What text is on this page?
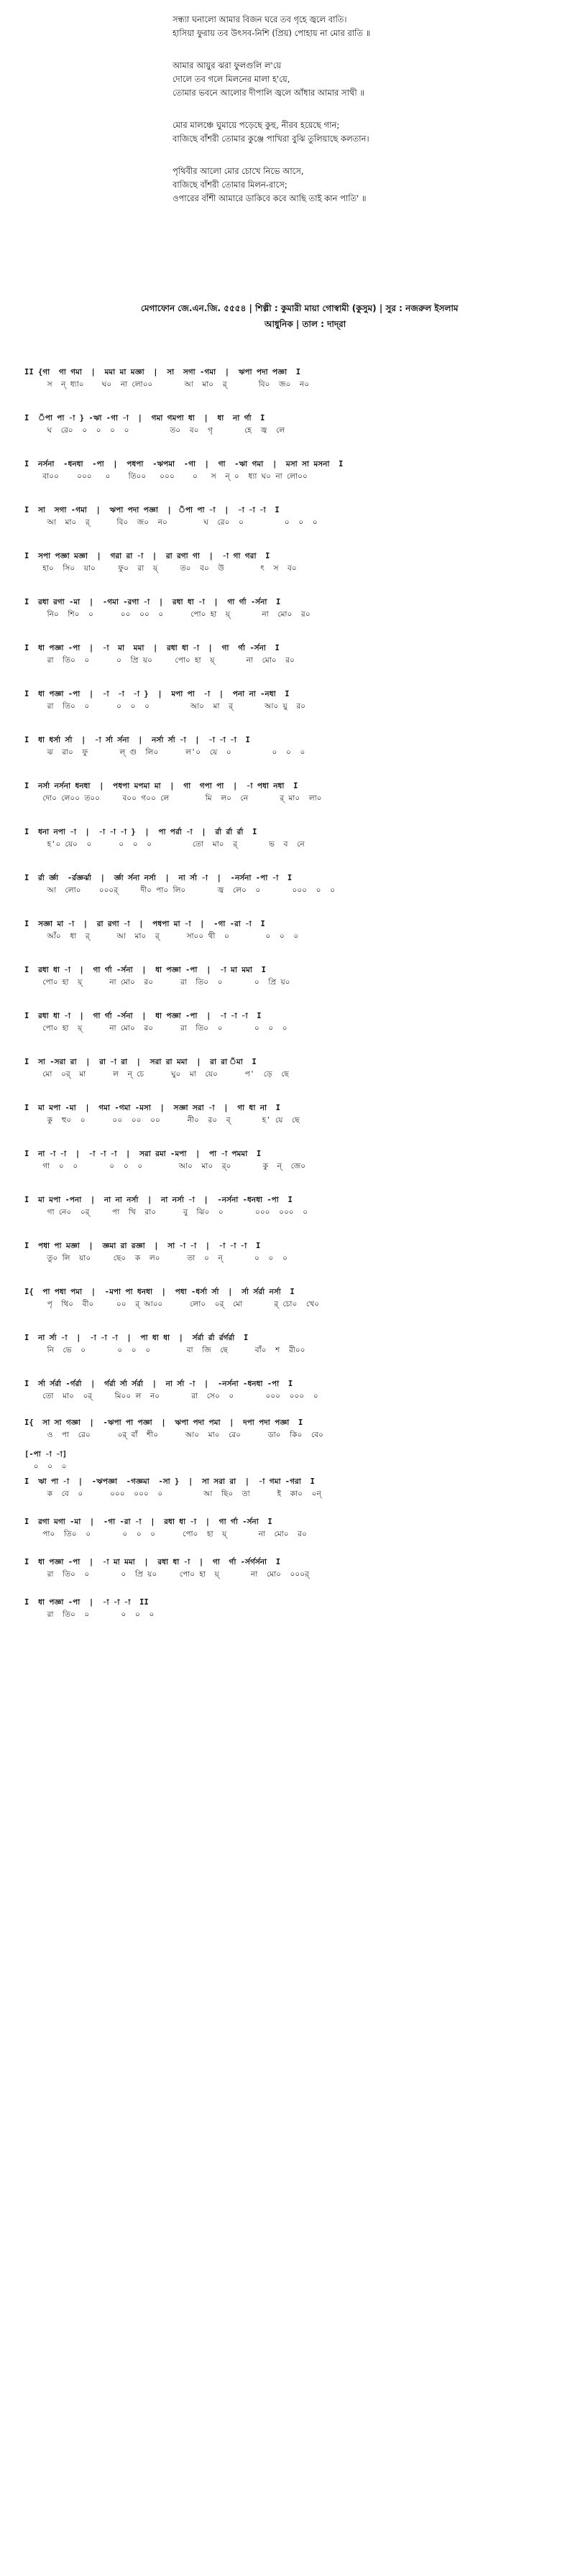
সন্ধ্যা ঘনালো আমার বিজন ঘরে তব গৃহে জ্বলে বাতি।
হাসিয়া ফুরায় তব উৎসব-নিশি (প্রিয়) পোহায় না মোর রাতি ॥
আমার আয়ুর ঝরা ফুলগুলি ল'য়ে
দোলে তব গলে মিলনের মালা হ'য়ে,
তোমার ভবনে আলোর দীপালি জ্বলে আঁধার আমার সাথী ॥
মোর মালঞ্চে ঘুমায়ে পড়েছে কুহু, নীরব হয়েছে গান;
বাজিছে বাঁশরী তোমার কুঞ্জে পাখিরা বুঝি তুলিয়াছে কলতান।
পৃথিবীর আলো মোর চোখে নিভে আসে,
বাজিছে বাঁশরী তোমার মিলন-রাসে;
ওপারের বাঁশী আমারে ডাকিবে কবে আছি তাই কান পাতি' ॥
মেগাফোন জে.এন.জি. ৫৫৫৪ | শিল্পী : কুমারী মায়া গোস্বামী (কুসুম) | সুর : নজরুল ইসলাম
আধুনিক | তাল : দাদ্‌রা
II {গা  গা গমা  |  মমা মা মজ্ঞা  |  সা  সগা -গমা  |  ঋপা পদা পজ্ঞা  I
স  ন্‌ ধ্যা০    ঘ০  না লো০০       আ  মা০  র্‌       বি০  জ০  ন০
I  ঁপা পা -া } -ঋা -গা -া  |  গমা গমপা ধা  |  ধা  না র্গা  I
ঘ  রে০  ০  ০  ০  ০         ত০  ব০  গৃ       হে  জ্ব  লে
I  নর্সনা  -ধনধা  -পা  |  পধপা  -ঋপমা  -গা  |  গা  -ঋা গমা  |  মসা সা মসনা  I
বা০০    ০০০   ০    তি০০   ০০০    ০   স  ন্‌ ০  ধ্যা ঘ০ না লো০০
I  সা  সগা -গমা  |  ঋপা পদা পজ্ঞা  |  ঁপা পা -া  |  -া -া -া  I
আ  মা০  র্‌      বি০  জ০  ন০        ঘ  রে০  ০         ০  ০  ০
I  সপা পজ্ঞা মজ্ঞা  |  গরা রা -া  |  রা রগা গা  |  -া গা গরা  I
হা০  সি০  য়া০     ফু০  রা  য়্‌     ত০  ব০  উ        ৎ  স  ব০
I  রধা রগা -মা  |  -গমা -রগা -া  |  রধা ধা -া  |  গা র্গা -র্সনা  I
নি০  শি০  ০      ০০  ০০  ০      পো০ হা  য়্‌       না  মো০  র০
I  ধা পজ্ঞা -পা  |  -া  মা  মমা  |  রধা ধা -া  |  গা  র্গা -র্সনা  I
রা  তি০  ০      ০  প্রি য়০     পো০ হা  য়্‌       না  মো০  র০
I  ধা পজ্ঞা -পা  |  -া  -া  -া }  |  মপা পা  -া  |  পনা না -নধা  I
রা  তি০  ০      ০  ০  ০         আ০  মা  র্‌       আ০ য়ু  র০
I  ধা ধর্সা র্সা  |  -া র্সা র্সনা  |  নর্সা র্সা -া  |  -া -া -া  I
ঝ  রা০  ফু       ল্‌ গু  লি০      ল'০  য়ে  ০         ০  ০  ০
I  নর্সা নর্সনা ধনধা  |  পধপা মপমা মা  |  গা  গপা পা  |  -া পধা নধা  I
দো০ লে০০ ত০০     ব০০ গ০০ লে        মি  ল০  নে       র্‌ মা০  লা০
I  ধনা নপা -া  |  -া -া -া }  |  পা পর্রা -া  |  র্রা র্রা র্রা  I
হ'০ য়ে০  ০      ০  ০  ০         তো  মা০  র্‌       ভ  ব  নে
I  র্রা র্জ্ঞা  -র্রজ্ঞর্ঝা  |  র্জ্ঞা র্সনা নর্সা  |  না র্সা -া  |  -নর্সনা -পা -া  I
আ  লো০    ০০০র্‌     দী০ পা০ লি০       জ্ব  লে০  ০       ০০০  ০  ০
I  সজ্ঞা মা -া  |  রা রগা -া  |  পধপা মা -া  |  -গা -রা -া  I
আঁ০  ধা  র্‌      আ  মা০  র্‌      সা০০ থী  ০        ০  ০  ০
I  রধা ধা -া  |  গা র্গা -র্সনা  |  ধা পজ্ঞা -পা  |  -া মা মমা  I
পো০ হা  য়্‌      না মো০  র০      রা  তি০  ০       ০  প্রি য়০
I  রধা ধা -া  |  গা র্গা -র্সনা  |  ধা পজ্ঞা -পা  |  -া -া -া  I
পো০ হা  য়্‌      না মো০  র০      রা  তি০  ০       ০  ০  ০
I  সা -সরা রা  |  রা -া রা  |  সরা রা মমা  |  রা রা ঁমা  I
মো  ০র্‌  মা      ল  ন্‌ চে      ঘু০  মা  য়ে০      প'  ড়ে  ছে
I  মা মপা -মা  |  গমা -গমা -মসা  |  সজ্ঞা সরা -া  |  গা ধা না  I
কু  হু০  ০      ০০  ০০  ০০      নী০  র০  ব্‌       হ' য়ে  ছে
I  না -া -া  |  -া -া -া  |  সরা রমা -মপা  |  পা -া পমমা  I
গা  ০  ০       ০  ০  ০        আ০  মা০  র্‌০       কু  ন্‌  জে০
I  মা মপা -পনা  |  না না নর্সা  |  না নর্সা -া  |  -নর্সনা -ধনধা -পা  I
গা নে০  ০র্‌     পা  খি  রা০      বু  ঝি০  ০       ০০০  ০০০  ০
I  পধা পা মজ্ঞা  |  জ্ঞমা রা রজ্ঞা  |  সা -া -া  |  -া -া -া  I
তু০ লি  য়া০     ছে০  ক  ল০      তা  ০  ন্‌       ০  ০  ০
I{  পা পধা পমা  |  -মপা পা ধনধা  |  পধা -ধর্সা র্সা  |  র্সা র্সর্রা নর্সা  I
পৃ  থি০  বী০     ০০  র্‌ আ০০      লো০  ০র্‌  মো       র্‌ চো০  খে০
I  না র্সা -া  |  -া -া -া  |  পা ধা ধা  |  র্সর্রা র্রা র্রর্গর্রা  I
নি  ভে  ০       ০  ০  ০        বা  জি  ছে      বাঁ০  শ  রী০০
I  র্সা র্সর্রা -র্গর্রা  |  র্গর্রা র্সা র্সর্রা  |  না র্সা -া  |  -নর্সনা -ধনধা -পা  I
তো  মা০  ০র্‌     মি০০ ল  ন০       রা  সে০  ০       ০০০  ০০০  ০
I{  সা সা গজ্ঞা  |  -ঋপা পা পজ্ঞা  |  ঋপা পদা পমা  |  দপা পদা পজ্ঞা  I
ও  পা  রে০      ০র্‌ বাঁ  শী০      আ০  মা০  রে০      ডা০  কি০  বে০
[-পা -া -া]
০  ০  ০
I  ঋা পা -া  |  -ঋপজ্ঞা  -গজ্ঞমা  -সা }  |  সা সরা রা  |  -া গমা -গরা  I
ক  বে  ০      ০০০  ০০০  ০         আ  ছি০  তা      ই  কা০  ০ন্‌
I  রগা মগা -মা  |  -গা -রা -া  |  রধা ধা -া  |  গা র্গা -র্সনা  I
পা০  তি০  ০       ০  ০  ০      পো০  হা  য়্‌       না  মো০  র০
I  ধা পজ্ঞা -পা  |  -া মা মমা  |  রধা ধা -া  |  গা  র্গা -র্সর্গর্সনা  I
রা  তি০  ০       ০  প্রি য়০     পো০ হা  য়্‌       না  মো০  ০০০র্‌
I  ধা পজ্ঞা -পা  |  -া -া -া  II
রা  তি০  ০       ০  ০  ০
